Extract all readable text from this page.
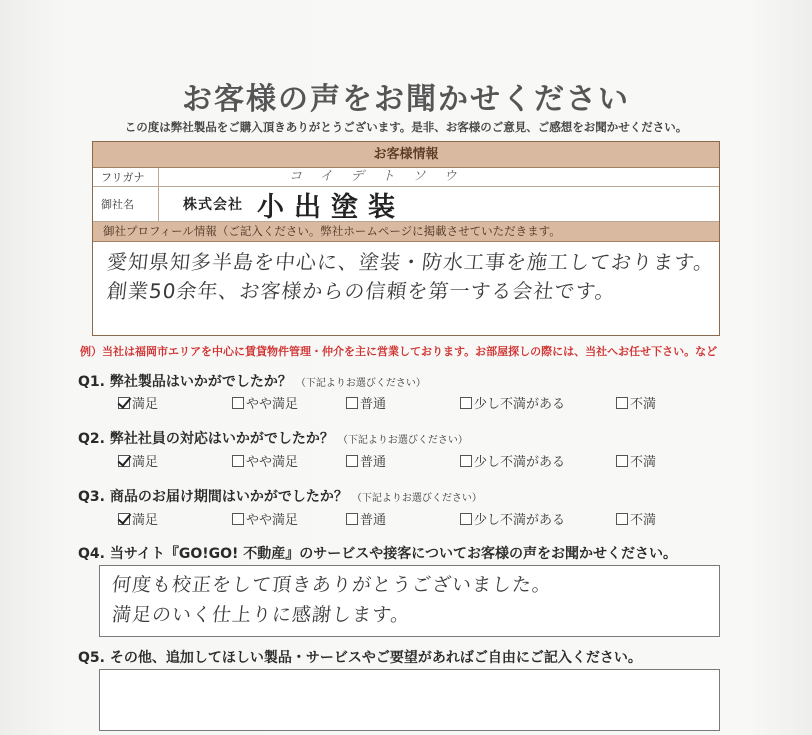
お客様の声をお聞かせください
この度は弊社製品をご購入頂きありがとうございます。是非、お客様のご意見、ご感想をお聞かせください。
お客様情報
フリガナ	コイデトソウ
御社名	株式会社 小出塗装
御社プロフィール情報（ご記入ください。弊社ホームページに掲載させていただきます。
愛知県知多半島を中心に、塗装・防水工事を施工しております。
創業50余年、お客様からの信頼を第一する会社です。
例）当社は福岡市エリアを中心に賃貸物件管理・仲介を主に営業しております。お部屋探しの際には、当社へお任せ下さい。など
Q1. 弊社製品はいかがでしたか？ （下記よりお選びください）
満足	やや満足	普通	少し不満がある	不満
Q2. 弊社社員の対応はいかがでしたか？ （下記よりお選びください）
満足	やや満足	普通	少し不満がある	不満
Q3. 商品のお届け期間はいかがでしたか？ （下記よりお選びください）
満足	やや満足	普通	少し不満がある	不満
Q4. 当サイト『GO!GO! 不動産』のサービスや接客についてお客様の声をお聞かせください。
何度も校正をして頂きありがとうございました。
満足のいく仕上りに感謝します。
Q5. その他、追加してほしい製品・サービスやご要望があればご自由にご記入ください。
